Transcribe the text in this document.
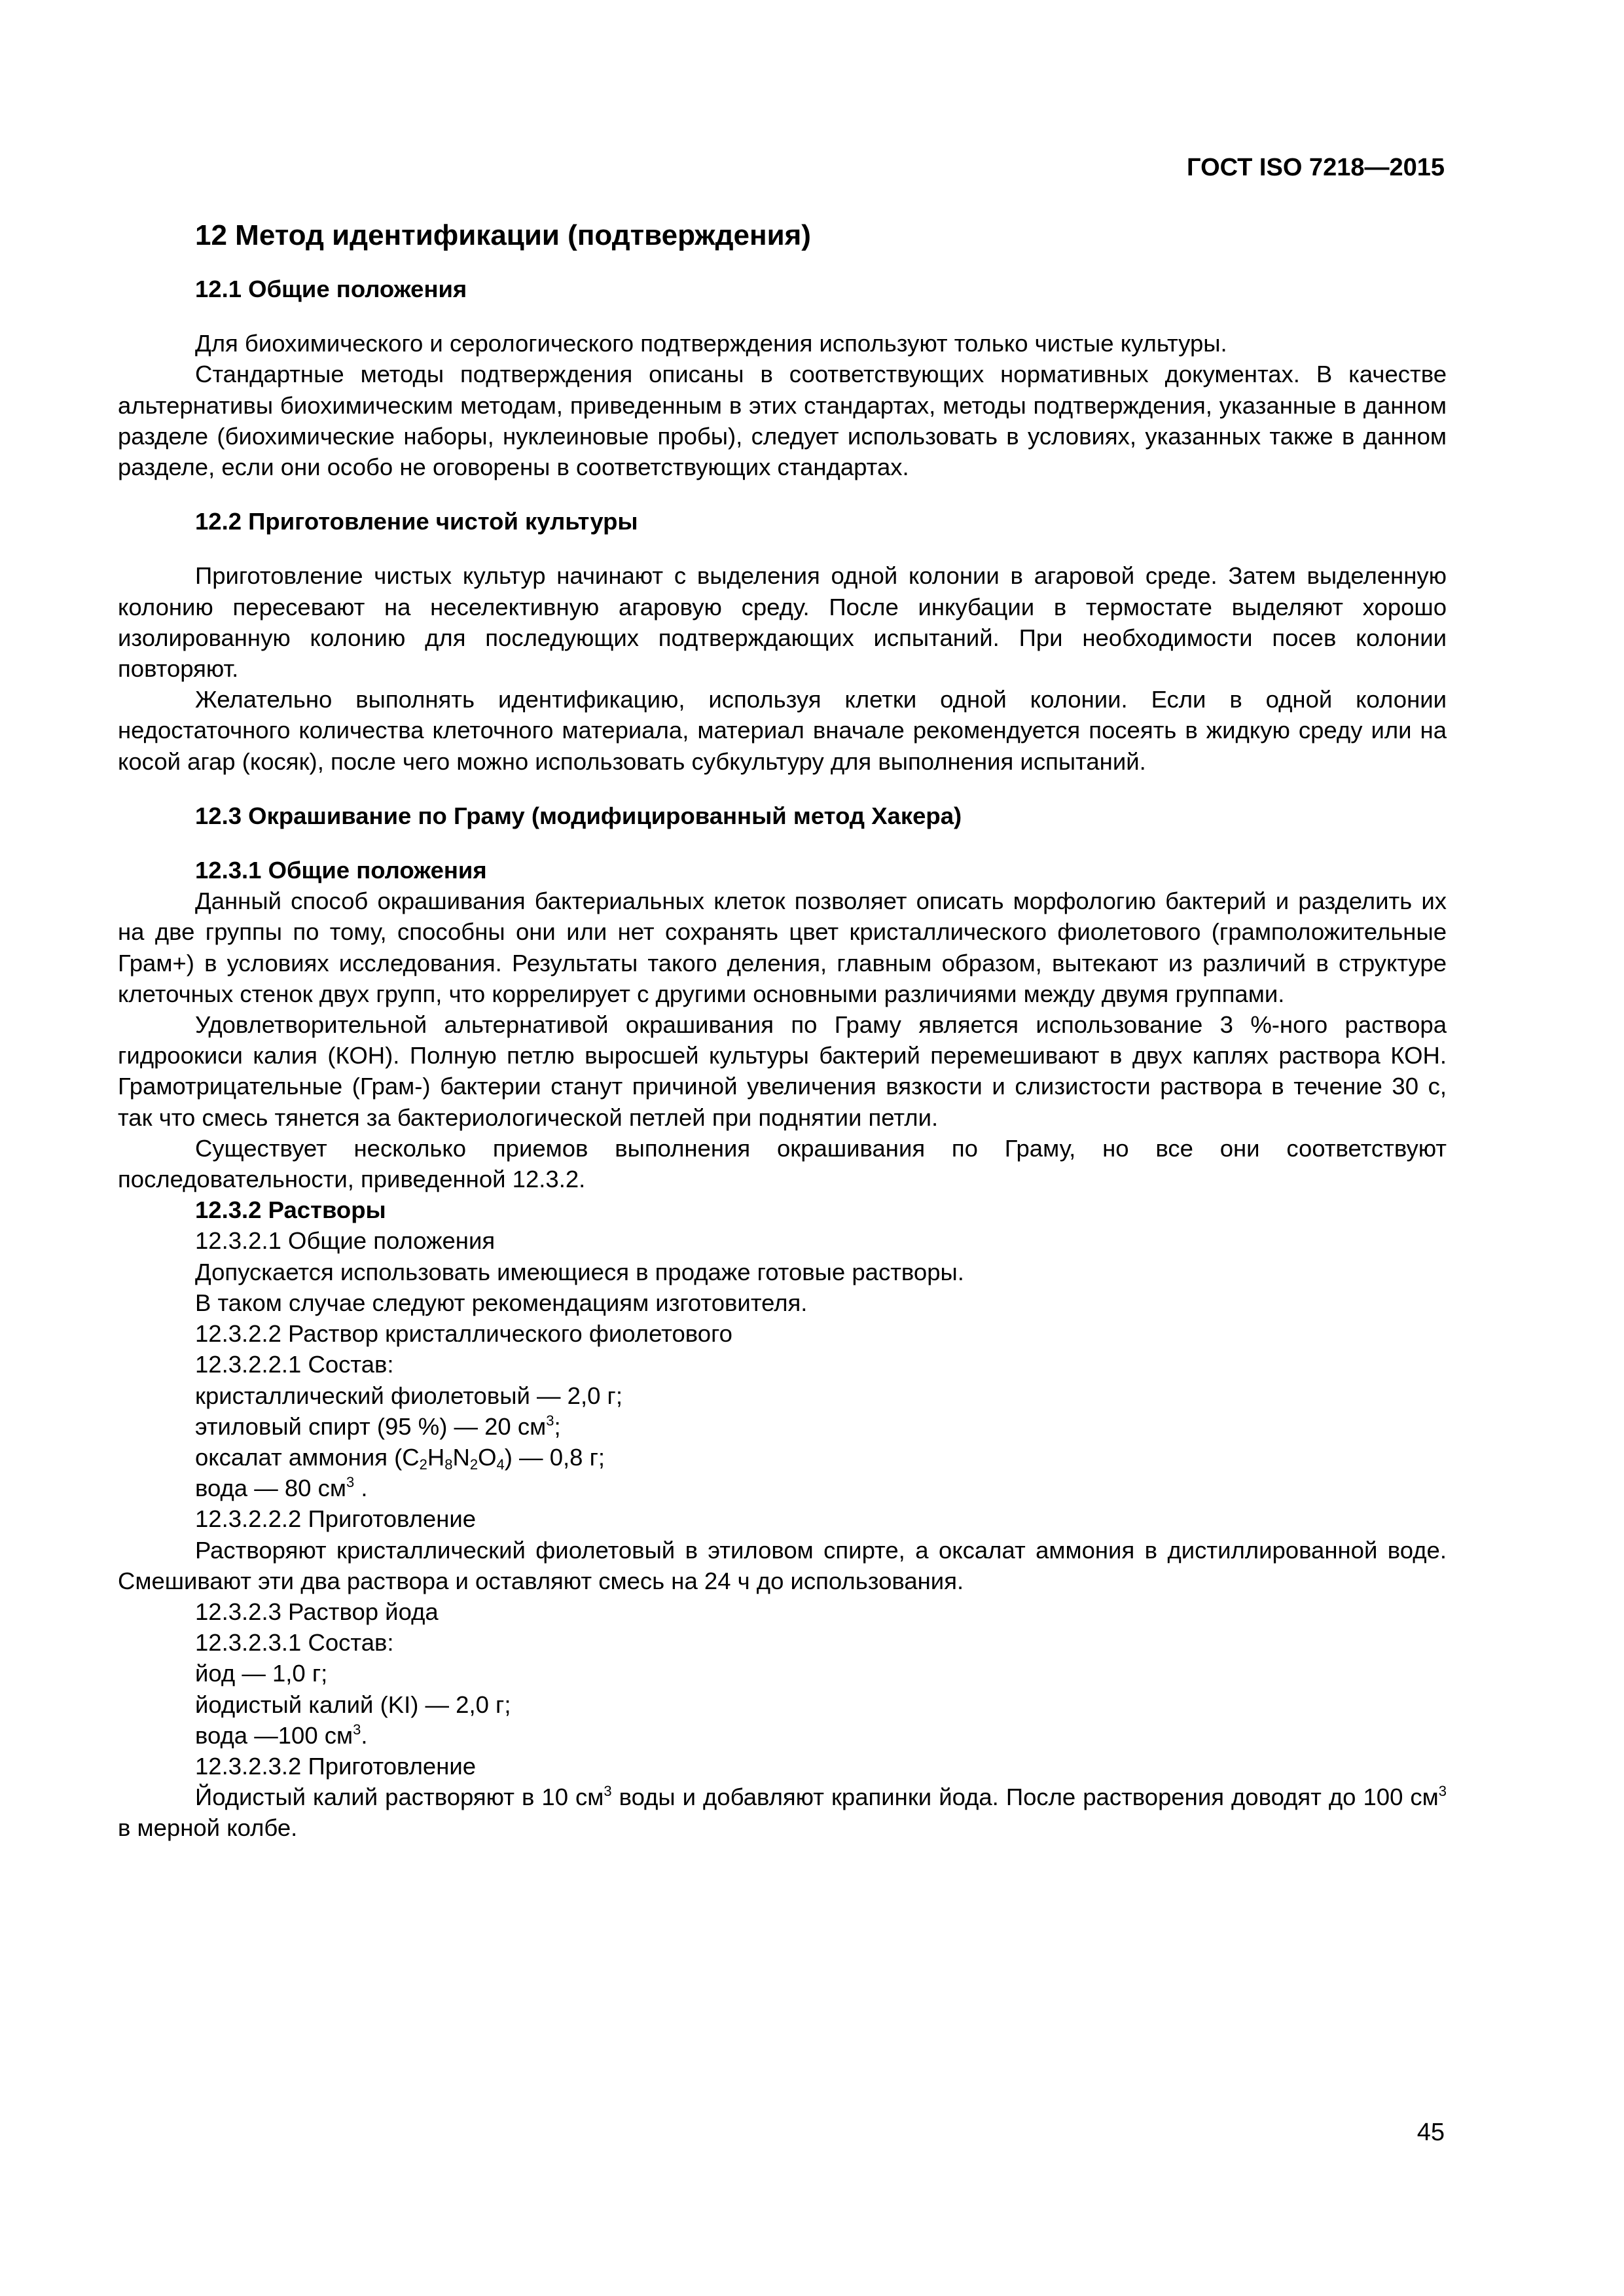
ГОСТ ISO 7218—2015
12 Метод идентификации (подтверждения)
12.1 Общие положения

Для биохимического и серологического подтверждения используют только чистые культуры.

Стандартные методы подтверждения описаны в соответствующих нормативных документах. В качестве альтернативы биохимическим методам, приведенным в этих стандартах, методы подтверждения, указанные в данном разделе (биохимические наборы, нуклеиновые пробы), следует использовать в условиях, указанных также в данном разделе, если они особо не оговорены в соответствующих стандартах.

12.2 Приготовление чистой культуры

Приготовление чистых культур начинают с выделения одной колонии в агаровой среде. Затем выделенную колонию пересевают на неселективную агаровую среду. После инкубации в термостате выделяют хорошо изолированную колонию для последующих подтверждающих испытаний. При необходимости посев колонии повторяют.

Желательно выполнять идентификацию, используя клетки одной колонии. Если в одной колонии недостаточного количества клеточного материала, материал вначале рекомендуется посеять в жидкую среду или на косой агар (косяк), после чего можно использовать субкультуру для выполнения испытаний.

12.3 Окрашивание по Граму (модифицированный метод Хакера)
12.3.1 Общие положения

Данный способ окрашивания бактериальных клеток позволяет описать морфологию бактерий и разделить их на две группы по тому, способны они или нет сохранять цвет кристаллического фиолетового (грамположительные Грам+) в условиях исследования. Результаты такого деления, главным образом, вытекают из различий в структуре клеточных стенок двух групп, что коррелирует с другими основными различиями между двумя группами.

Удовлетворительной альтернативой окрашивания по Граму является использование 3 %-ного раствора гидроокиси калия (КОН). Полную петлю выросшей культуры бактерий перемешивают в двух каплях раствора КОН. Грамотрицательные (Грам-) бактерии станут причиной увеличения вязкости и слизистости раствора в течение 30 с, так что смесь тянется за бактериологической петлей при поднятии петли.

Существует несколько приемов выполнения окрашивания по Граму, но все они соответствуют последовательности, приведенной 12.3.2.

12.3.2 Растворы

12.3.2.1 Общие положения

Допускается использовать имеющиеся в продаже готовые растворы.

В таком случае следуют рекомендациям изготовителя.

12.3.2.2 Раствор кристаллического фиолетового

12.3.2.2.1 Состав:

кристаллический фиолетовый — 2,0 г;

этиловый спирт (95 %) — 20 $см^3$;

оксалат аммония $(С_2Н_8N_2O_4)$ — 0,8 г;

вода — 80 $см^3$ .

12.3.2.2.2 Приготовление

Растворяют кристаллический фиолетовый в этиловом спирте, а оксалат аммония в дистиллированной воде. Смешивают эти два раствора и оставляют смесь на 24 ч до использования.

12.3.2.3 Раствор йода

12.3.2.3.1 Состав:

йод — 1,0 г;

йодистый калий (KI) — 2,0 г;

вода —100 $см^3$.

12.3.2.3.2 Приготовление

Йодистый калий растворяют в 10 $см^3$ воды и добавляют крапинки йода. После растворения доводят до 100 $см^3$ в мерной колбе.

45
